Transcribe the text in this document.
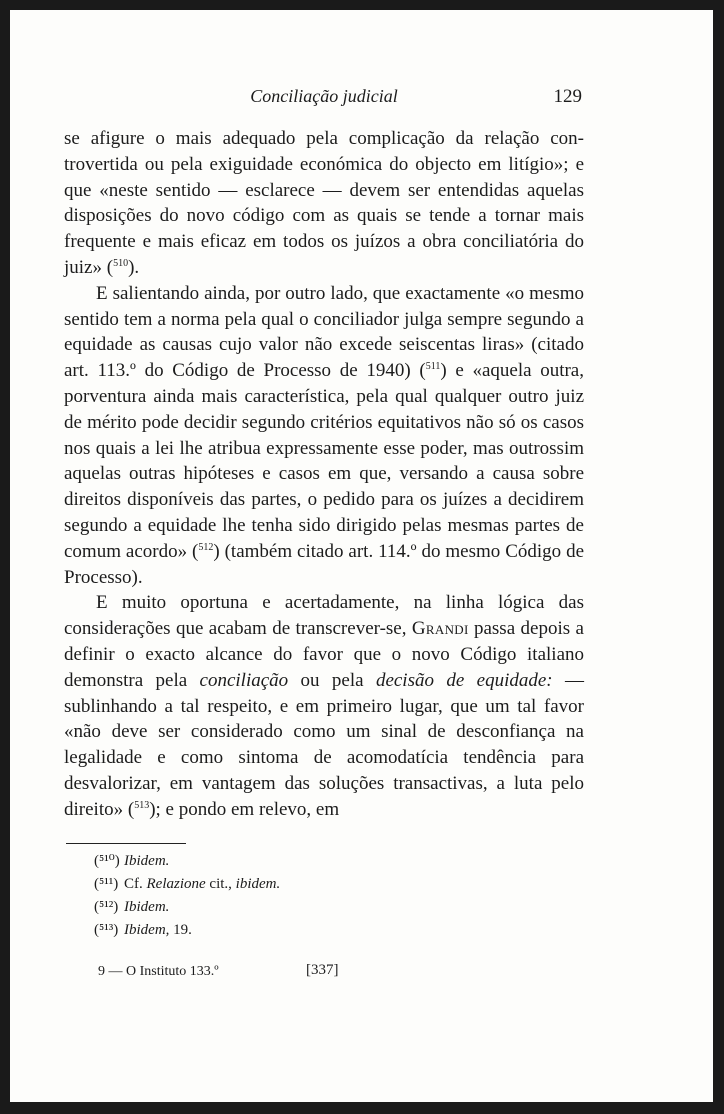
Conciliação judicial	129

se afigure o mais adequado pela complicação da relação controvertida ou pela exiguidade económica do objecto em litígio»; e que «neste sentido — esclarece — devem ser entendidas aquelas disposições do novo código com as quais se tende a tornar mais frequente e mais eficaz em todos os juízos a obra conciliatória do juiz» ($^{510}$).

E salientando ainda, por outro lado, que exactamente «o mesmo sentido tem a norma pela qual o conciliador julga sempre segundo a equidade as causas cujo valor não excede seiscentas liras» (citado art. 113.º do Código de Processo de 1940) ($^{511}$) e «aquela outra, porventura ainda mais característica, pela qual qualquer outro juiz de mérito pode decidir segundo critérios equitativos não só os casos nos quais a lei lhe atribua expressamente esse poder, mas outrossim aquelas outras hipóteses e casos em que, versando a causa sobre direitos disponíveis das partes, o pedido para os juízes a decidirem segundo a equidade lhe tenha sido dirigido pelas mesmas partes de comum acordo» ($^{512}$) (também citado art. 114.º do mesmo Código de Processo).

E muito oportuna e acertadamente, na linha lógica das considerações que acabam de transcrever-se, Grandi passa depois a definir o exacto alcance do favor que o novo Código italiano demonstra pela conciliação ou pela decisão de equidade: — sublinhando a tal respeito, e em primeiro lugar, que um tal favor «não deve ser considerado como um sinal de desconfiança na legalidade e como sintoma de acomodatícia tendência para desvalorizar, em vantagem das soluções transactivas, a luta pelo direito» ($^{513}$); e pondo em relevo, em

(⁵¹⁰) Ibidem.
(⁵¹¹) Cf. Relazione cit., ibidem.
(⁵¹²) Ibidem.
(⁵¹³) Ibidem, 19.
9 — O Instituto 133.º	[337]
